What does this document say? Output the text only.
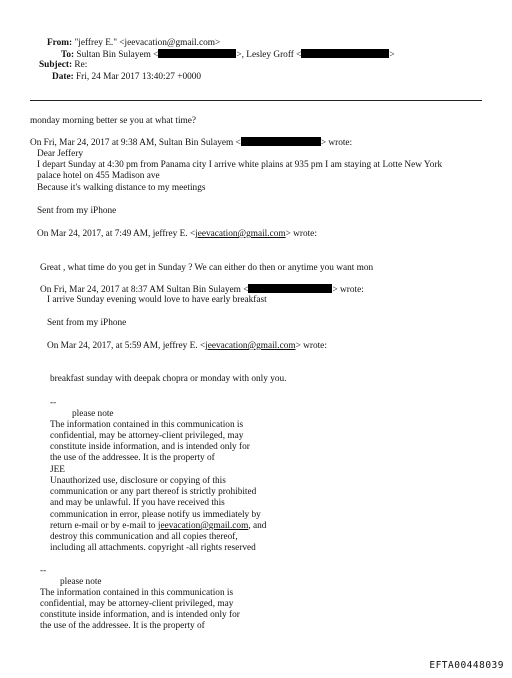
From: "jeffrey E." <jeevacation@gmail.com>
To: Sultan Bin Sulayem <	>, Lesley Groff <	>
Subject: Re:
Date: Fri, 24 Mar 2017 13:40:27 +0000
monday morning better se you at what time?
On Fri, Mar 24, 2017 at 9:38 AM, Sultan Bin Sulayem <	> wrote:
Dear Jeffery
I depart Sunday at 4:30 pm from Panama city I arrive white plains at 935 pm I am staying at Lotte New York
palace hotel on 455 Madison ave
Because it's walking distance to my meetings
Sent from my iPhone
On Mar 24, 2017, at 7:49 AM, jeffrey E. <jeevacation@gmail.com> wrote:
Great , what time do you get in Sunday ? We can either do then or anytime you want mon
On Fri, Mar 24, 2017 at 8:37 AM Sultan Bin Sulayem <	> wrote:
I arrive Sunday evening would love to have early breakfast
Sent from my iPhone
On Mar 24, 2017, at 5:59 AM, jeffrey E. <jeevacation@gmail.com> wrote:
breakfast sunday with deepak chopra or monday with only you.
--
please note
The information contained in this communication is
confidential, may be attorney-client privileged, may
constitute inside information, and is intended only for
the use of the addressee. It is the property of
JEE
Unauthorized use, disclosure or copying of this
communication or any part thereof is strictly prohibited
and may be unlawful. If you have received this
communication in error, please notify us immediately by
return e-mail or by e-mail to jeevacation@gmail.com, and
destroy this communication and all copies thereof,
including all attachments. copyright -all rights reserved
--
please note
The information contained in this communication is
confidential, may be attorney-client privileged, may
constitute inside information, and is intended only for
the use of the addressee. It is the property of
EFTA00448039
